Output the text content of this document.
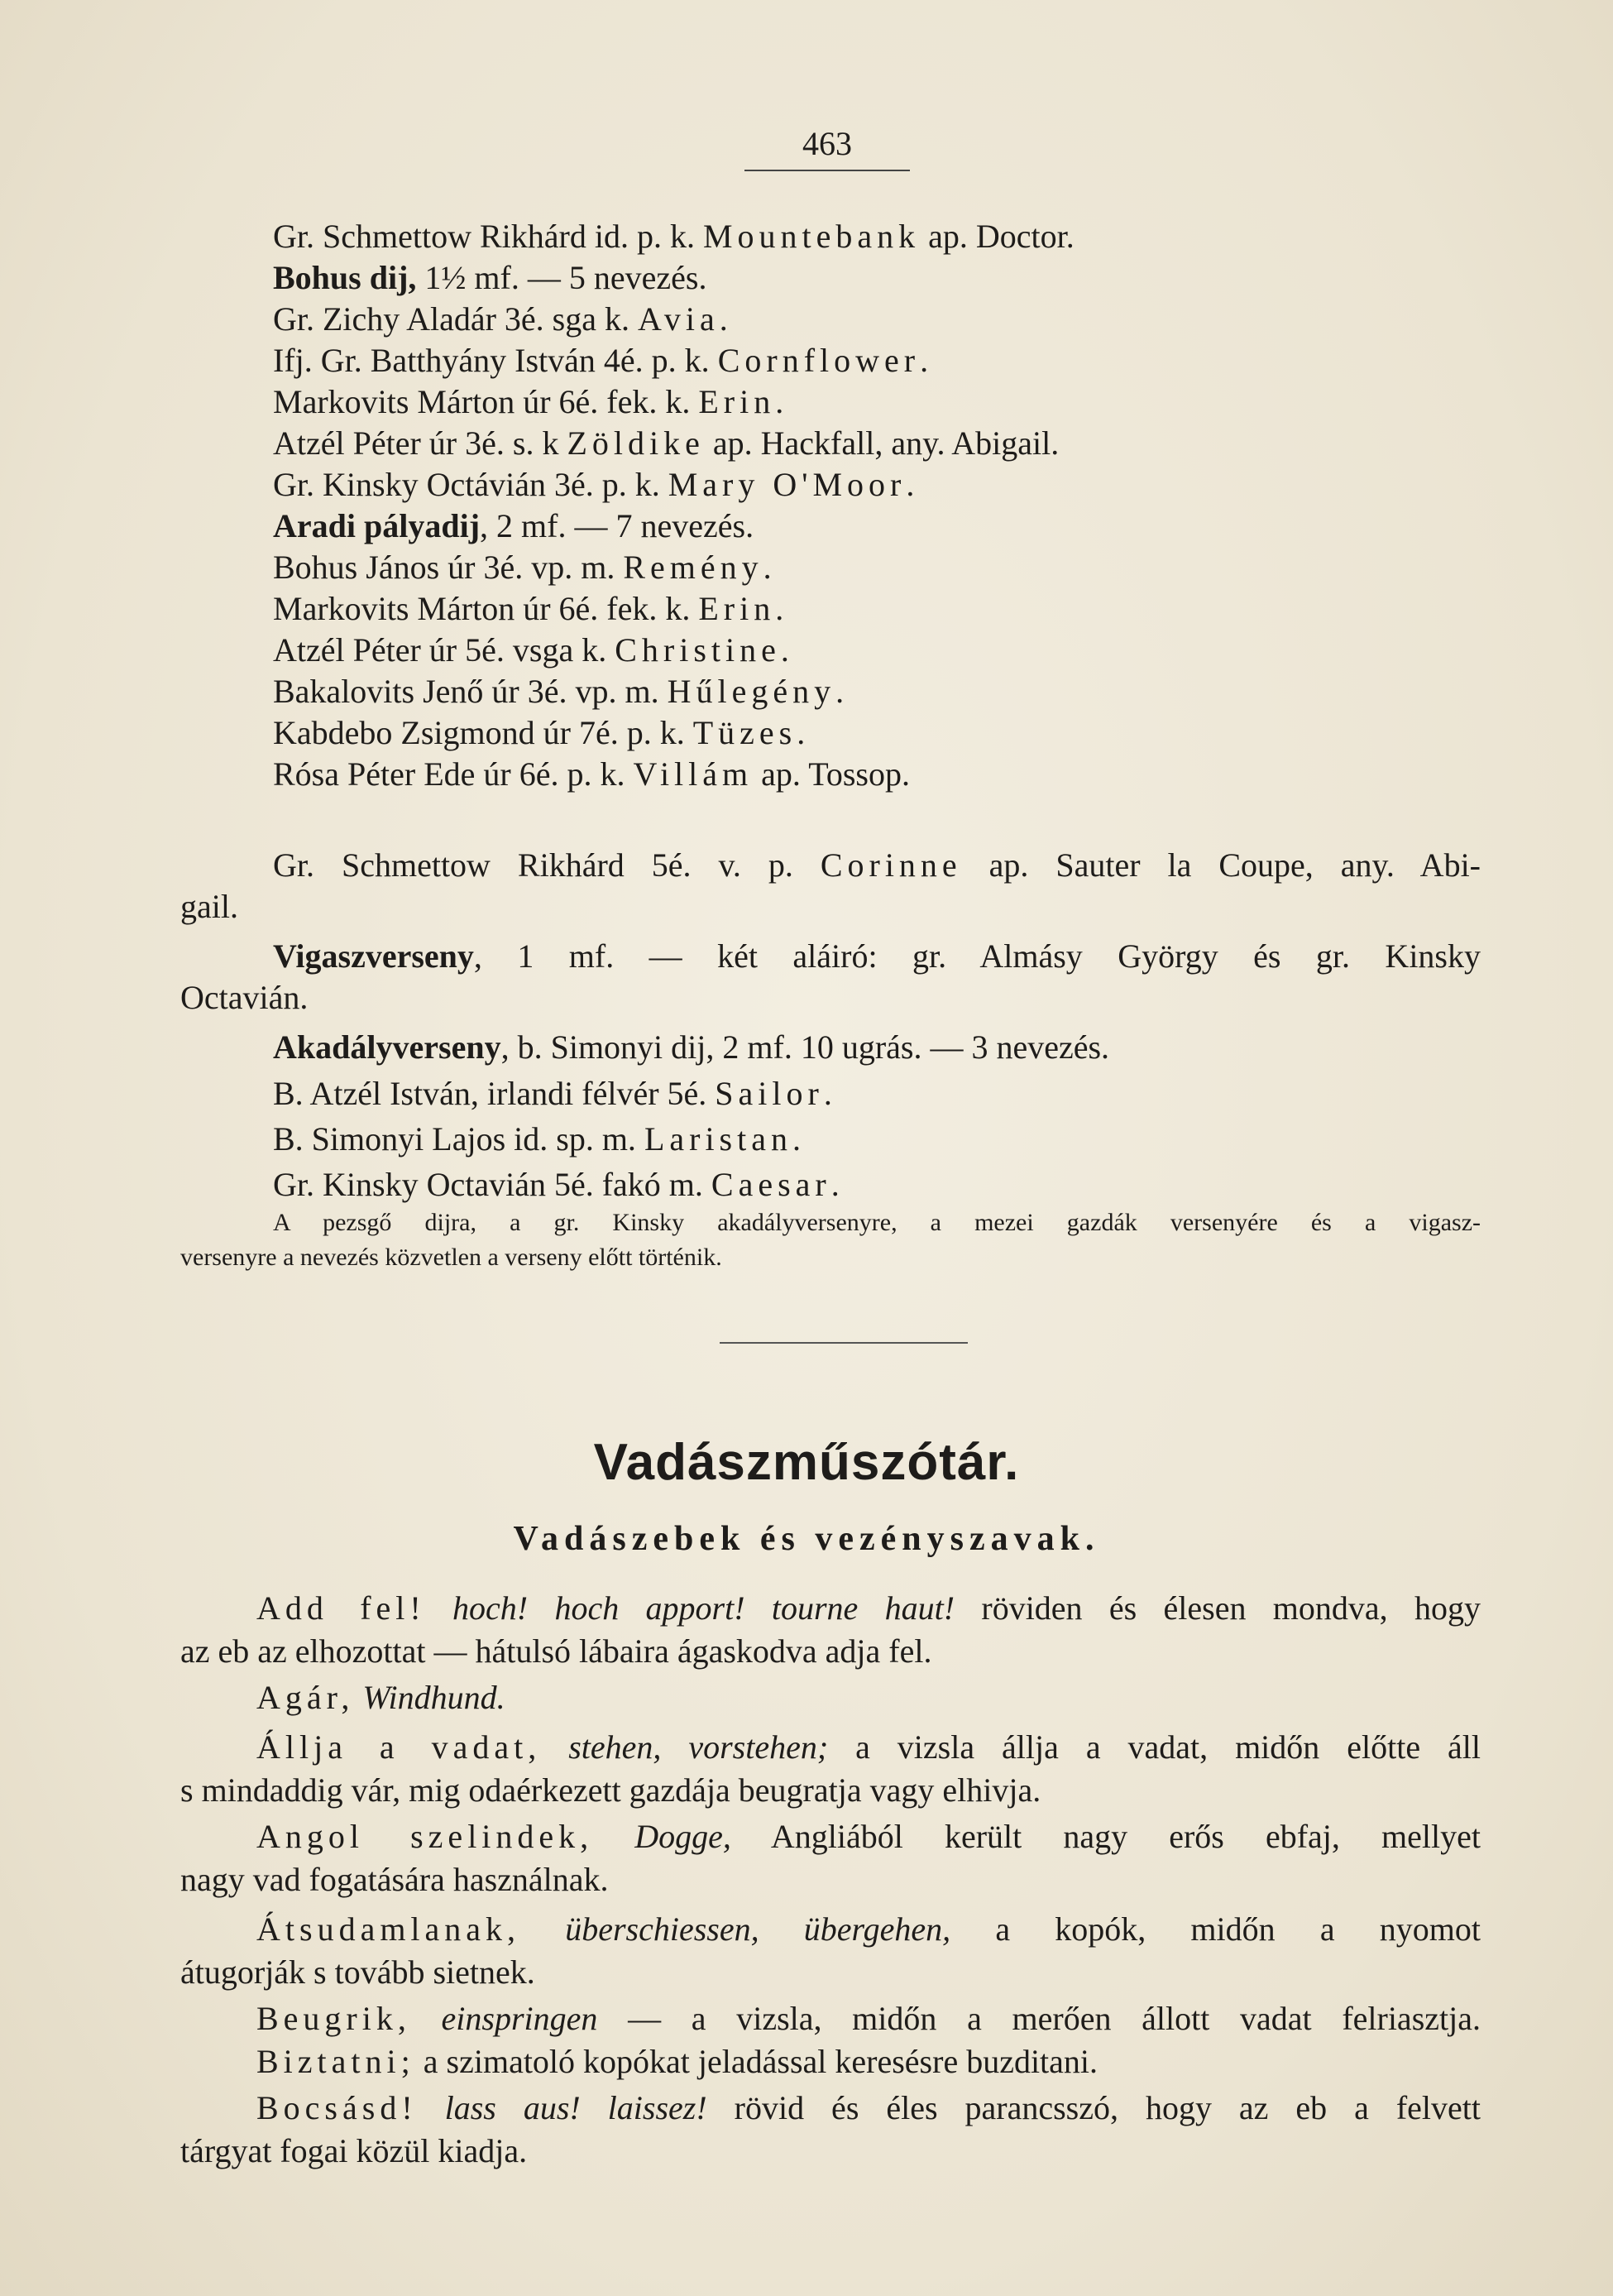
463
Gr. Schmettow Rikhárd id. p. k. Mountebank ap. Doctor.
Bohus dij, 1½ mf. — 5 nevezés.
Gr. Zichy Aladár 3é. sga k. Avia.
Ifj. Gr. Batthyány István 4é. p. k. Cornflower.
Markovits Márton úr 6é. fek. k. Erin.
Atzél Péter úr 3é. s. k Zöldike ap. Hackfall, any. Abigail.
Gr. Kinsky Octávián 3é. p. k. Mary O'Moor.
Aradi pályadij, 2 mf. — 7 nevezés.
Bohus János úr 3é. vp. m. Remény.
Markovits Márton úr 6é. fek. k. Erin.
Atzél Péter úr 5é. vsga k. Christine.
Bakalovits Jenő úr 3é. vp. m. Hűlegény.
Kabdebo Zsigmond úr 7é. p. k. Tüzes.
Rósa Péter Ede úr 6é. p. k. Villám ap. Tossop.
Gr. Schmettow Rikhárd 5é. v. p. Corinne ap. Sauter la Coupe, any. Abi-
gail.
Vigaszverseny, 1 mf. — két aláiró: gr. Almásy György és gr. Kinsky
Octavián.
Akadályverseny, b. Simonyi dij, 2 mf. 10 ugrás. — 3 nevezés.
B. Atzél István, irlandi félvér 5é. Sailor.
B. Simonyi Lajos id. sp. m. Laristan.
Gr. Kinsky Octavián 5é. fakó m. Caesar.
A pezsgő dijra, a gr. Kinsky akadályversenyre, a mezei gazdák versenyére és a vigasz-
versenyre a nevezés közvetlen a verseny előtt történik.
Vadászműszótár.
Vadászebek és vezényszavak.
Add fel! hoch! hoch apport! tourne haut! röviden és élesen mondva, hogy
az eb az elhozottat — hátulsó lábaira ágaskodva adja fel.
Agár, Windhund.
Állja a vadat, stehen, vorstehen; a vizsla állja a vadat, midőn előtte áll
s mindaddig vár, mig odaérkezett gazdája beugratja vagy elhivja.
Angol szelindek, Dogge, Angliából került nagy erős ebfaj, mellyet
nagy vad fogatására használnak.
Átsudamlanak, überschiessen, übergehen, a kopók, midőn a nyomot
átugorják s tovább sietnek.
Beugrik, einspringen — a vizsla, midőn a merően állott vadat felriasztja.
Biztatni; a szimatoló kopókat jeladással keresésre buzditani.
Bocsásd! lass aus! laissez! rövid és éles parancsszó, hogy az eb a felvett
tárgyat fogai közül kiadja.
